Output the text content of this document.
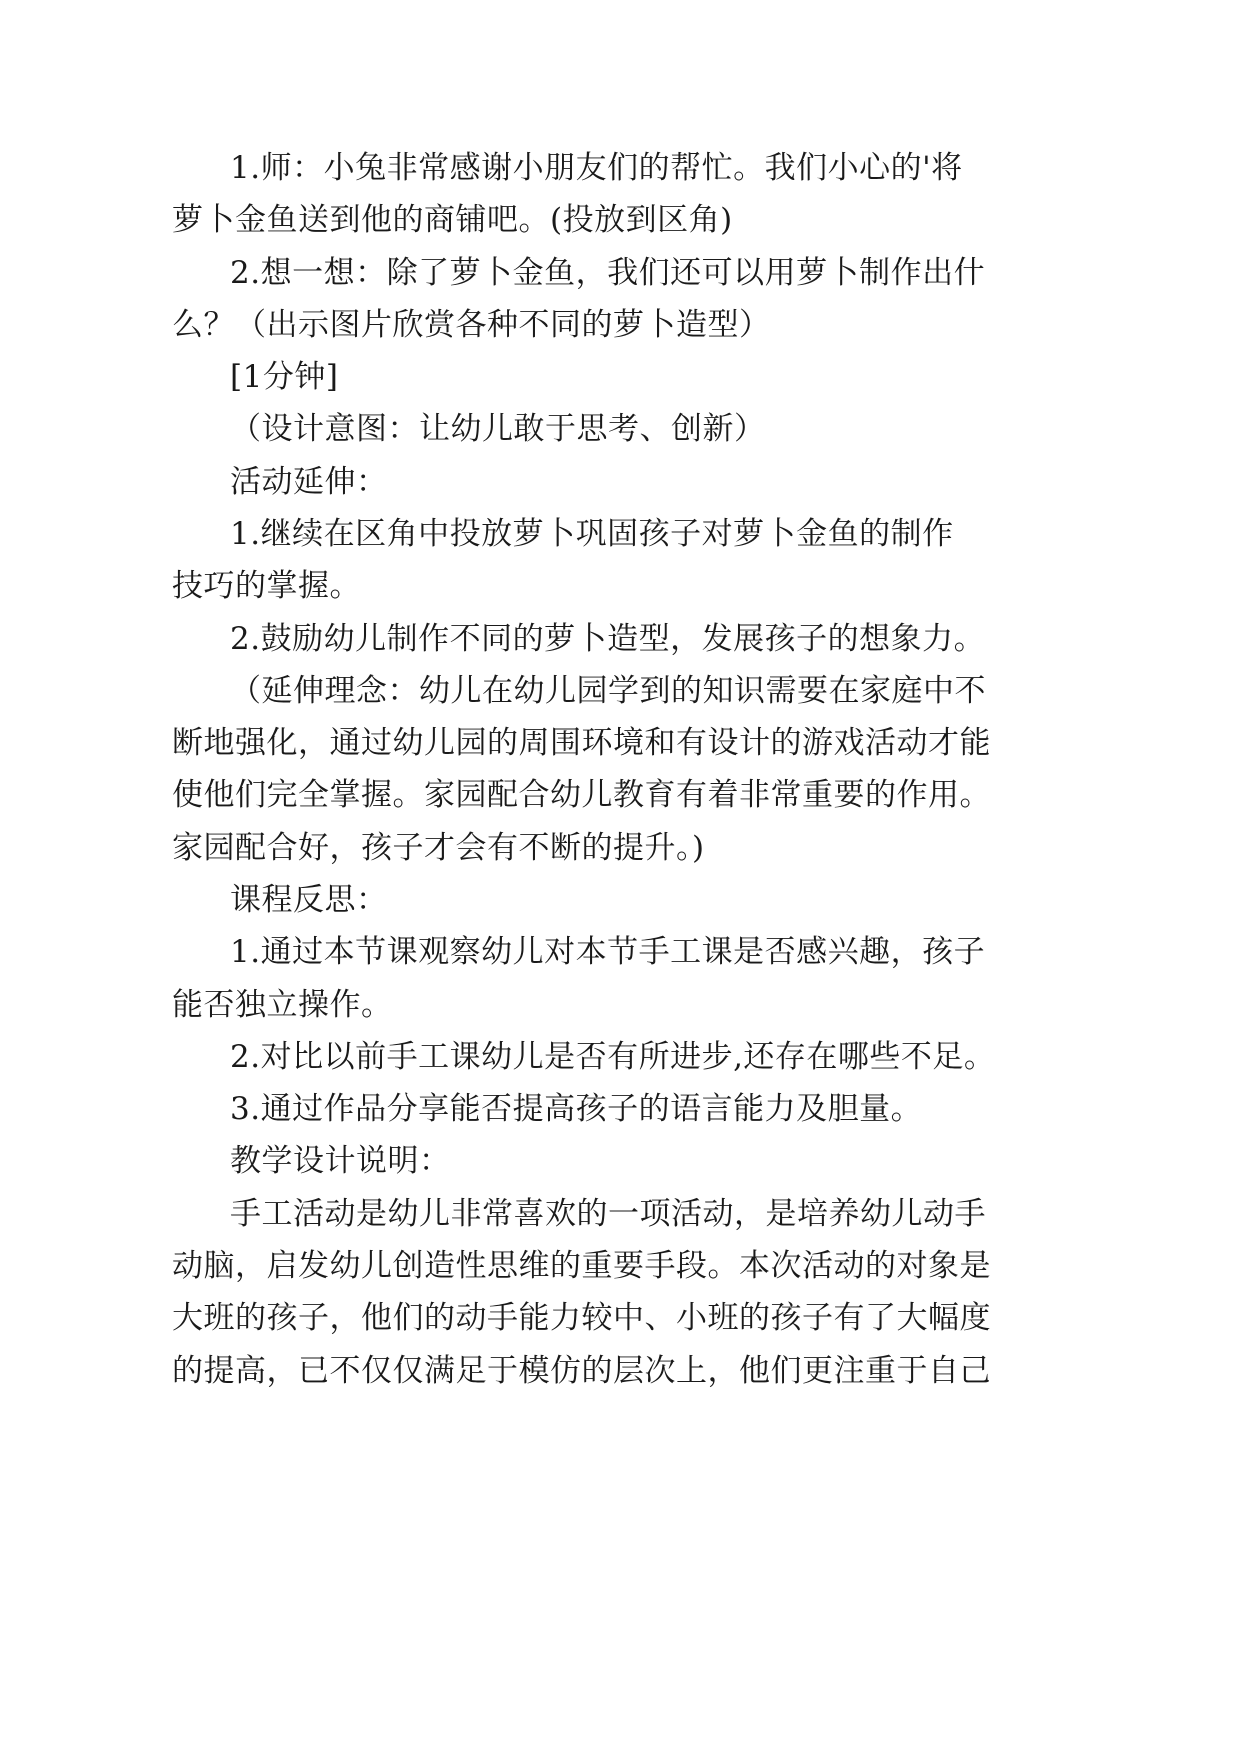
1.师：小兔非常感谢小朋友们的帮忙。我们小心的'将
萝卜金鱼送到他的商铺吧。(投放到区角)
2.想一想：除了萝卜金鱼，我们还可以用萝卜制作出什
么？（出示图片欣赏各种不同的萝卜造型）
[1分钟]
（设计意图：让幼儿敢于思考、创新）
活动延伸：
1.继续在区角中投放萝卜巩固孩子对萝卜金鱼的制作
技巧的掌握。
2.鼓励幼儿制作不同的萝卜造型，发展孩子的想象力。
（延伸理念：幼儿在幼儿园学到的知识需要在家庭中不
断地强化，通过幼儿园的周围环境和有设计的游戏活动才能
使他们完全掌握。家园配合幼儿教育有着非常重要的作用。
家园配合好，孩子才会有不断的提升。)
课程反思：
1.通过本节课观察幼儿对本节手工课是否感兴趣，孩子
能否独立操作。
2.对比以前手工课幼儿是否有所进步,还存在哪些不足。
3.通过作品分享能否提高孩子的语言能力及胆量。
教学设计说明：
手工活动是幼儿非常喜欢的一项活动，是培养幼儿动手
动脑，启发幼儿创造性思维的重要手段。本次活动的对象是
大班的孩子，他们的动手能力较中、小班的孩子有了大幅度
的提高，已不仅仅满足于模仿的层次上，他们更注重于自己
